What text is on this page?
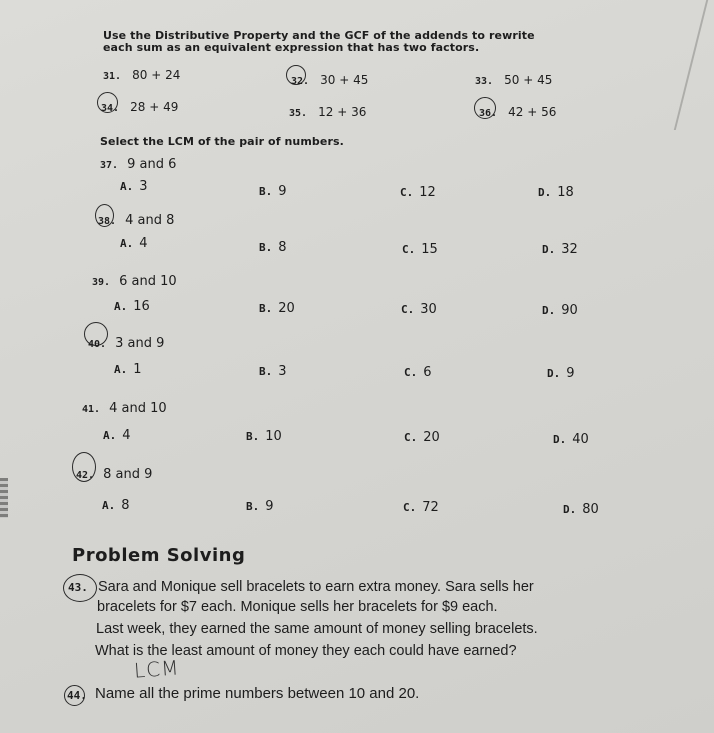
Use the Distributive Property and the GCF of the addends to rewrite
each sum as an equivalent expression that has two factors.
31. 80 + 24	32. 30 + 45	33. 50 + 45
34. 28 + 49	35. 12 + 36	36. 42 + 56
Select the LCM of the pair of numbers.
37. 9 and 6
A. 3	B. 9	C. 12	D. 18
38. 4 and 8
A. 4	B. 8	C. 15	D. 32
39. 6 and 10
A. 16	B. 20	C. 30	D. 90
40. 3 and 9
A. 1	B. 3	C. 6	D. 9
41. 4 and 10
A. 4	B. 10	C. 20	D. 40
42. 8 and 9
A. 8	B. 9	C. 72	D. 80
Problem Solving
43. Sara and Monique sell bracelets to earn extra money. Sara sells her
bracelets for $7 each. Monique sells her bracelets for $9 each.
Last week, they earned the same amount of money selling bracelets.
What is the least amount of money they each could have earned?
LCM
44. Name all the prime numbers between 10 and 20.
